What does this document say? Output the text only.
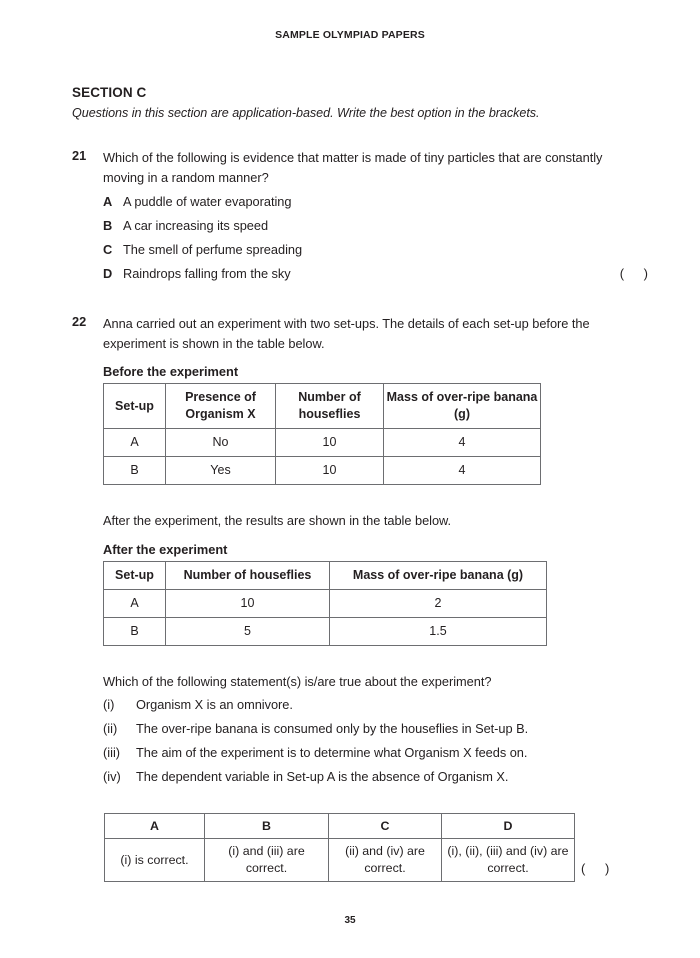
SAMPLE OLYMPIAD PAPERS
SECTION C
Questions in this section are application-based. Write the best option in the brackets.
21	Which of the following is evidence that matter is made of tiny particles that are constantly moving in a random manner?

A A puddle of water evaporating
B A car increasing its speed
C The smell of perfume spreading
D Raindrops falling from the sky	( )
22	Anna carried out an experiment with two set-ups. The details of each set-up before the experiment is shown in the table below.

Before the experiment
Set-up	Presence of Organism X	Number of houseflies	Mass of over-ripe banana (g)
A	No	10	4
B	Yes	10	4

After the experiment, the results are shown in the table below.

After the experiment
Set-up	Number of houseflies	Mass of over-ripe banana (g)
A	10	2
B	5	1.5

Which of the following statement(s) is/are true about the experiment?

(i)	Organism X is an omnivore.
(ii)	The over-ripe banana is consumed only by the houseflies in Set-up B.
(iii)	The aim of the experiment is to determine what Organism X feeds on.
(iv)	The dependent variable in Set-up A is the absence of Organism X.
A	B	C	D
(i) is correct.	(i) and (iii) are correct.	(ii) and (iv) are correct.	(i), (ii), (iii) and (iv) are correct.	( )
35
